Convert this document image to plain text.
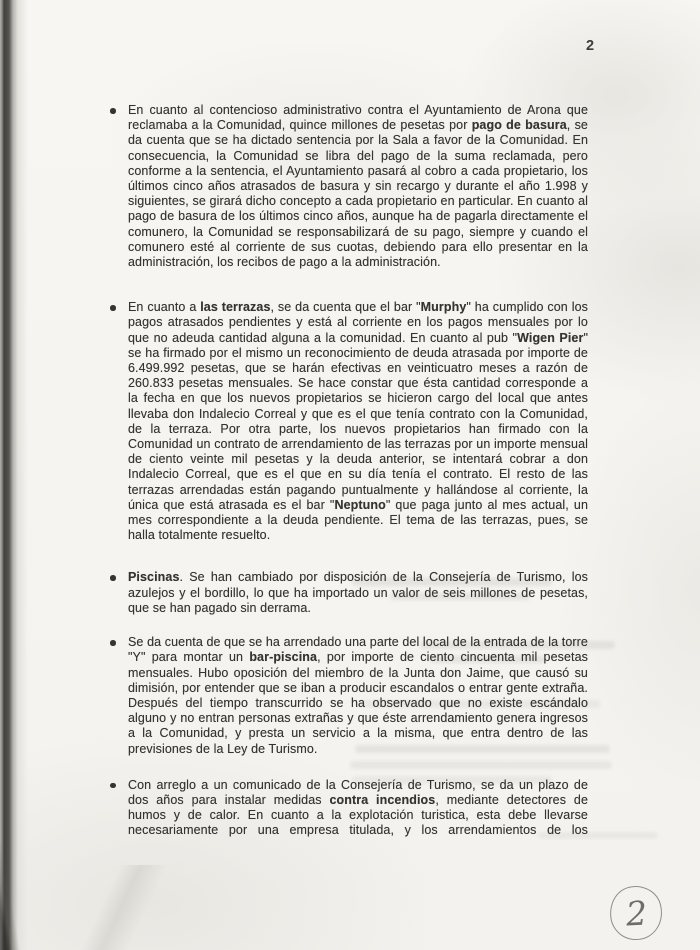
2

En cuanto al contencioso administrativo contra el Ayuntamiento de Arona que reclamaba a la Comunidad, quince millones de pesetas por pago de basura, se da cuenta que se ha dictado sentencia por la Sala a favor de la Comunidad. En consecuencia, la Comunidad se libra del pago de la suma reclamada, pero conforme a la sentencia, el Ayuntamiento pasará al cobro a cada propietario, los últimos cinco años atrasados de basura y sin recargo y durante el año 1.998 y siguientes, se girará dicho concepto a cada propietario en particular. En cuanto al pago de basura de los últimos cinco años, aunque ha de pagarla directamente el comunero, la Comunidad se responsabilizará de su pago, siempre y cuando el comunero esté al corriente de sus cuotas, debiendo para ello presentar en la administración, los recibos de pago a la administración.

En cuanto a las terrazas, se da cuenta que el bar "Murphy" ha cumplido con los pagos atrasados pendientes y está al corriente en los pagos mensuales por lo que no adeuda cantidad alguna a la comunidad. En cuanto al pub "Wigen Pier" se ha firmado por el mismo un reconocimiento de deuda atrasada por importe de 6.499.992 pesetas, que se harán efectivas en veinticuatro meses a razón de 260.833 pesetas mensuales. Se hace constar que ésta cantidad corresponde a la fecha en que los nuevos propietarios se hicieron cargo del local que antes llevaba don Indalecio Correal y que es el que tenía contrato con la Comunidad, de la terraza. Por otra parte, los nuevos propietarios han firmado con la Comunidad un contrato de arrendamiento de las terrazas por un importe mensual de ciento veinte mil pesetas y la deuda anterior, se intentará cobrar a don Indalecio Correal, que es el que en su día tenía el contrato. El resto de las terrazas arrendadas están pagando puntualmente y hallándose al corriente, la única que está atrasada es el bar "Neptuno" que paga junto al mes actual, un mes correspondiente a la deuda pendiente. El tema de las terrazas, pues, se halla totalmente resuelto.

Piscinas. Se han cambiado por disposición de la Consejería de Turismo, los azulejos y el bordillo, lo que ha importado un valor de seis millones de pesetas, que se han pagado sin derrama.

Se da cuenta de que se ha arrendado una parte del local de la entrada de la torre "Y" para montar un bar-piscina, por importe de ciento cincuenta mil pesetas mensuales. Hubo oposición del miembro de la Junta don Jaime, que causó su dimisión, por entender que se iban a producir escandalos o entrar gente extraña. Después del tiempo transcurrido se ha observado que no existe escándalo alguno y no entran personas extrañas y que éste arrendamiento genera ingresos a la Comunidad, y presta un servicio a la misma, que entra dentro de las previsiones de la Ley de Turismo.

Con arreglo a un comunicado de la Consejería de Turismo, se da un plazo de dos años para instalar medidas contra incendios, mediante detectores de humos y de calor. En cuanto a la explotación turistica, esta debe llevarse necesariamente por una empresa titulada, y los arrendamientos de los

2
